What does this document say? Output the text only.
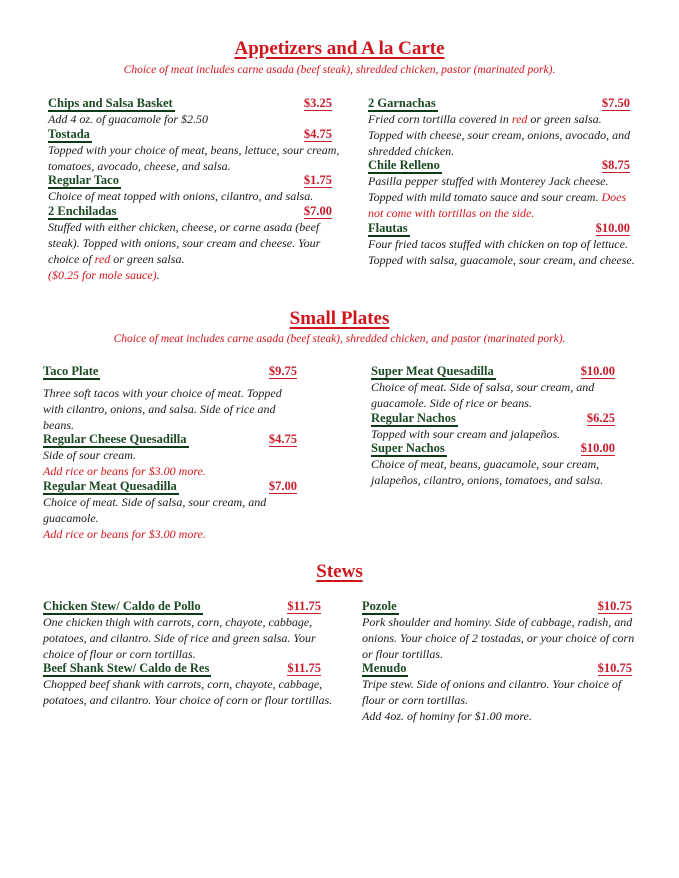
Appetizers and A la Carte
Choice of meat includes carne asada (beef steak), shredded chicken, pastor (marinated pork).
Chips and Salsa Basket	$3.25
Add 4 oz. of guacamole for $2.50
Tostada	$4.75
Topped with your choice of meat, beans, lettuce, sour cream, tomatoes, avocado, cheese, and salsa.
Regular Taco	$1.75
Choice of meat topped with onions, cilantro, and salsa.
2 Enchiladas	$7.00
Stuffed with either chicken, cheese, or carne asada (beef steak). Topped with onions, sour cream and cheese. Your choice of red or green salsa.
($0.25 for mole sauce).
2 Garnachas	$7.50
Fried corn tortilla covered in red or green salsa. Topped with cheese, sour cream, onions, avocado, and shredded chicken.
Chile Relleno	$8.75
Pasilla pepper stuffed with Monterey Jack cheese. Topped with mild tomato sauce and sour cream. Does not come with tortillas on the side.
Flautas	$10.00
Four fried tacos stuffed with chicken on top of lettuce. Topped with salsa, guacamole, sour cream, and cheese.
Small Plates
Choice of meat includes carne asada (beef steak), shredded chicken, and pastor (marinated pork).
Taco Plate	$9.75
Three soft tacos with your choice of meat. Topped with cilantro, onions, and salsa. Side of rice and beans.
Regular Cheese Quesadilla	$4.75
Side of sour cream.
Add rice or beans for $3.00 more.
Regular Meat Quesadilla	$7.00
Choice of meat. Side of salsa, sour cream, and guacamole.
Add rice or beans for $3.00 more.
Super Meat Quesadilla	$10.00
Choice of meat. Side of salsa, sour cream, and guacamole. Side of rice or beans.
Regular Nachos	$6.25
Topped with sour cream and jalapeños.
Super Nachos	$10.00
Choice of meat, beans, guacamole, sour cream, jalapeños, cilantro, onions, tomatoes, and salsa.
Stews
Chicken Stew/ Caldo de Pollo	$11.75
One chicken thigh with carrots, corn, chayote, cabbage, potatoes, and cilantro. Side of rice and green salsa. Your choice of flour or corn tortillas.
Beef Shank Stew/ Caldo de Res	$11.75
Chopped beef shank with carrots, corn, chayote, cabbage, potatoes, and cilantro. Your choice of corn or flour tortillas.
Pozole	$10.75
Pork shoulder and hominy. Side of cabbage, radish, and onions. Your choice of 2 tostadas, or your choice of corn or flour tortillas.
Menudo	$10.75
Tripe stew. Side of onions and cilantro. Your choice of flour or corn tortillas.
Add 4oz. of hominy for $1.00 more.
